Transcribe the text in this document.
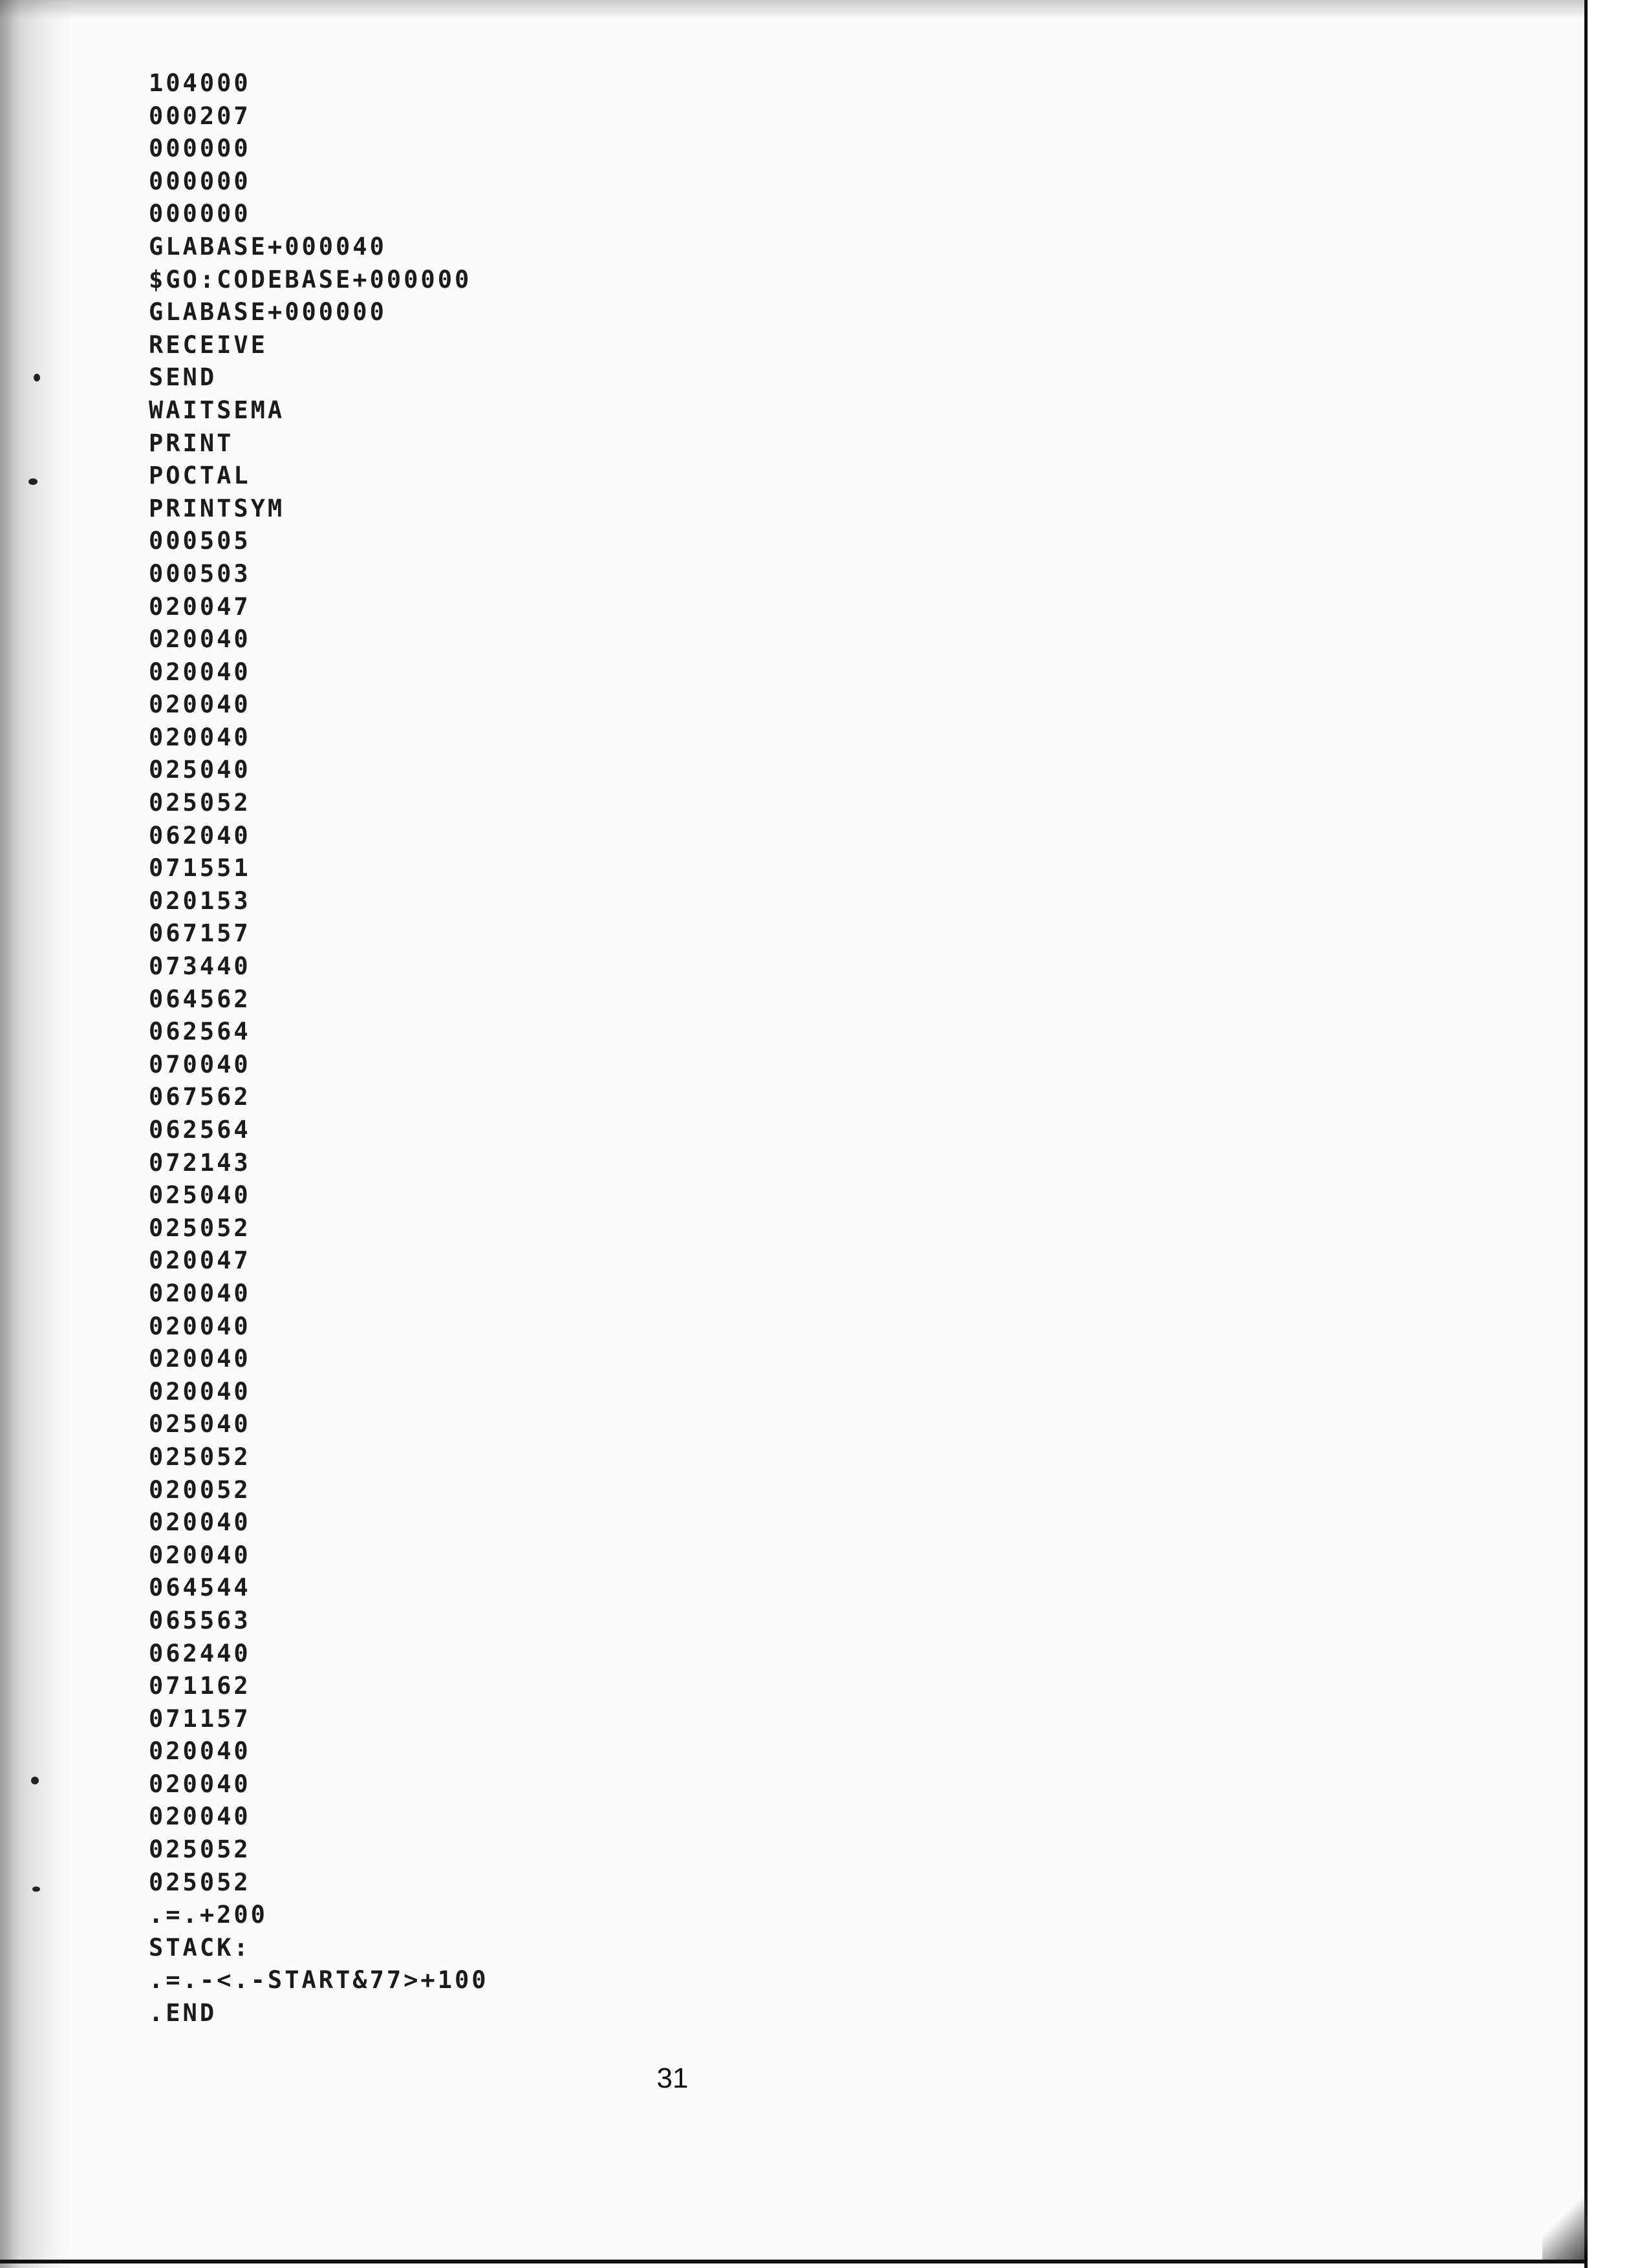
104000
000207
000000
000000
000000
GLABASE+000040
$GO:CODEBASE+000000
GLABASE+000000
RECEIVE
SEND
WAITSEMA
PRINT
POCTAL
PRINTSYM
000505
000503
020047
020040
020040
020040
020040
025040
025052
062040
071551
020153
067157
073440
064562
062564
070040
067562
062564
072143
025040
025052
020047
020040
020040
020040
020040
025040
025052
020052
020040
020040
064544
065563
062440
071162
071157
020040
020040
020040
025052
025052
.=.+200
STACK:
.=.-<.-START&77>+100
.END
31
